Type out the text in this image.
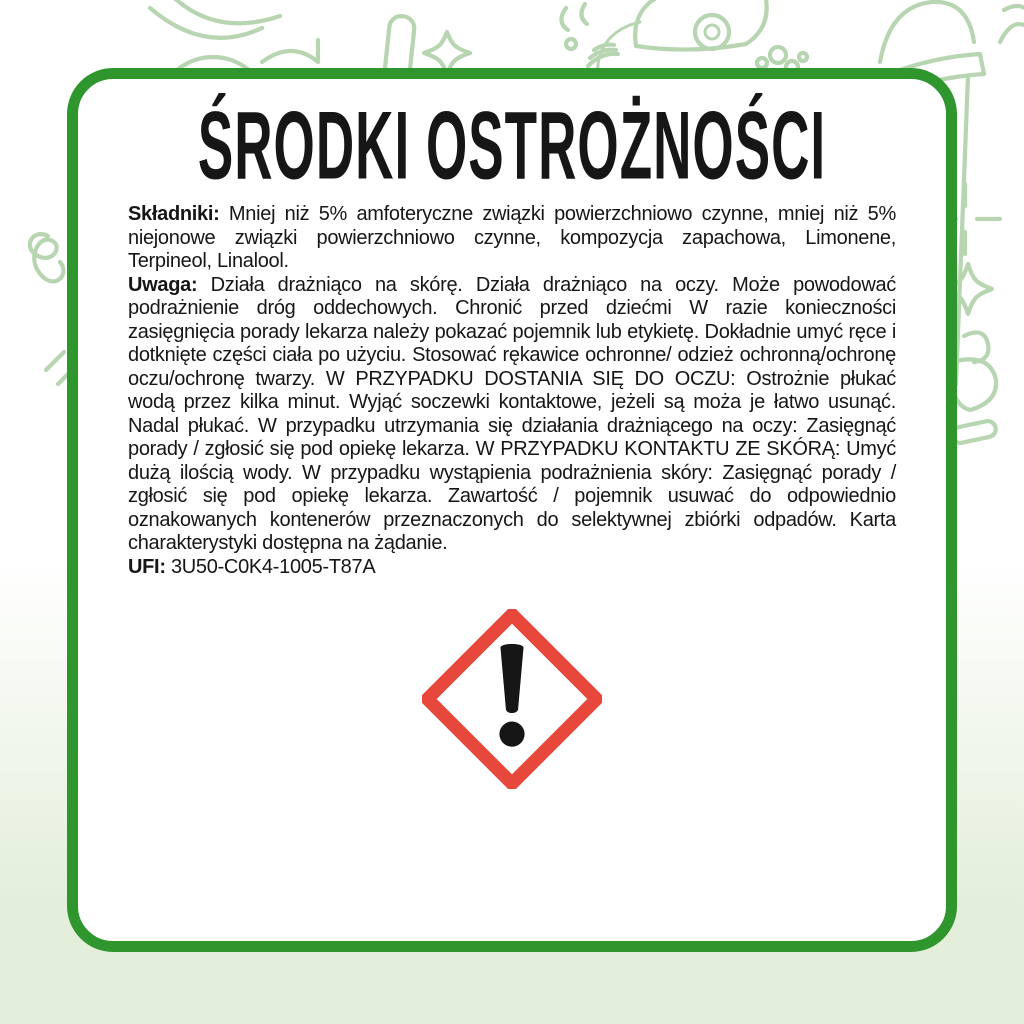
ŚRODKI OSTROŻNOŚCI

Składniki: Mniej niż 5% amfoteryczne związki powierzchniowo czynne, mniej niż 5% niejonowe związki powierzchniowo czynne, kompozycja zapachowa, Limonene, Terpineol, Linalool.

Uwaga: Działa drażniąco na skórę. Działa drażniąco na oczy. Może powodować podrażnienie dróg oddechowych. Chronić przed dziećmi W razie konieczności zasięgnięcia porady lekarza należy pokazać pojemnik lub etykietę. Dokładnie umyć ręce i dotknięte części ciała po użyciu. Stosować rękawice ochronne/ odzież ochronną/ochronę oczu/ochronę twarzy. W PRZYPADKU DOSTANIA SIĘ DO OCZU: Ostrożnie płukać wodą przez kilka minut. Wyjąć soczewki kontaktowe, jeżeli są moża je łatwo usunąć. Nadal płukać. W przypadku utrzymania się działania drażniącego na oczy: Zasięgnąć porady / zgłosić się pod opiekę lekarza. W PRZYPADKU KONTAKTU ZE SKÓRĄ: Umyć dużą ilością wody. W przypadku wystąpienia podrażnienia skóry: Zasięgnąć porady / zgłosić się pod opiekę lekarza. Zawartość / pojemnik usuwać do odpowiednio oznakowanych kontenerów przeznaczonych do selektywnej zbiórki odpadów. Karta charakterystyki dostępna na żądanie.

UFI: 3U50-C0K4-1005-T87A
